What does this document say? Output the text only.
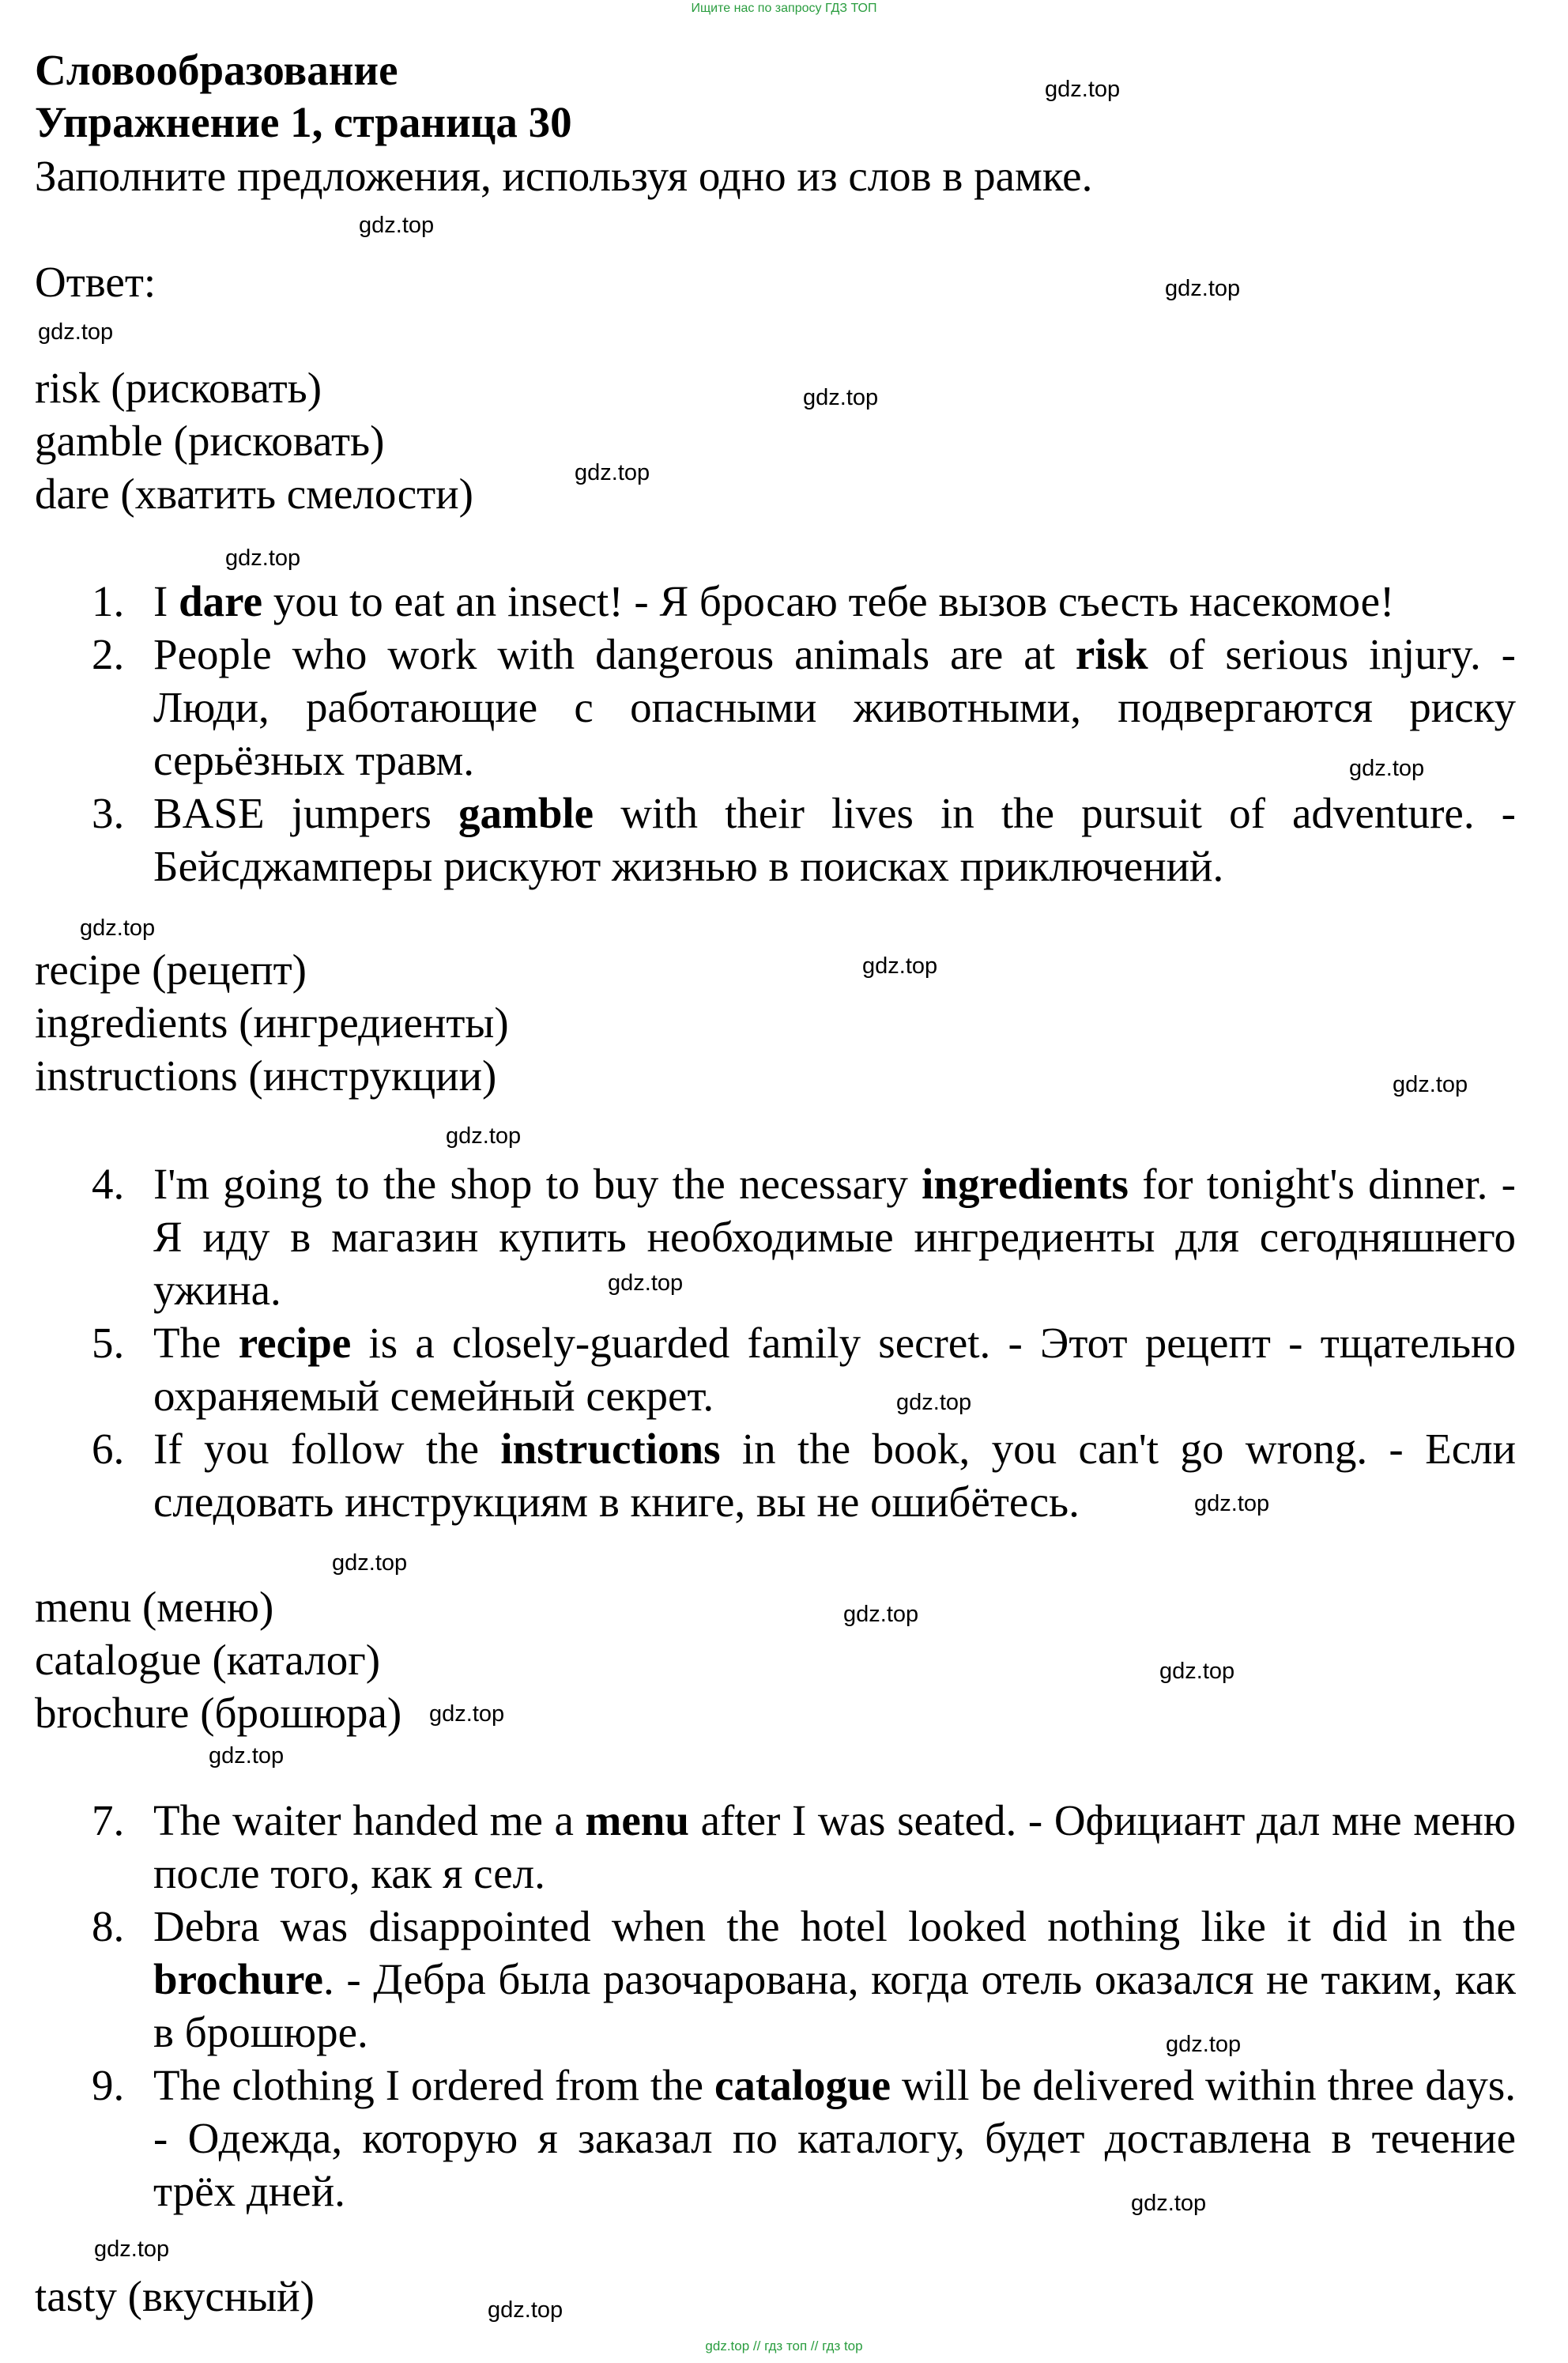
Ищите нас по запросу ГДЗ ТОП
Словообразование
Упражнение 1, страница 30
Заполните предложения, используя одно из слов в рамке.
Ответ:
risk (рисковать)
gamble (рисковать)
dare (хватить смелости)
1. I dare you to eat an insect! - Я бросаю тебе вызов съесть насекомое!
2. People who work with dangerous animals are at risk of serious injury. - Люди, работающие с опасными животными, подвергаются риску серьёзных травм.
3. BASE jumpers gamble with their lives in the pursuit of adventure. - Бейсджамперы рискуют жизнью в поисках приключений.
recipe (рецепт)
ingredients (ингредиенты)
instructions (инструкции)
4. I'm going to the shop to buy the necessary ingredients for tonight's dinner. - Я иду в магазин купить необходимые ингредиенты для сегодняшнего ужина.
5. The recipe is a closely-guarded family secret. - Этот рецепт - тщательно охраняемый семейный секрет.
6. If you follow the instructions in the book, you can't go wrong. - Если следовать инструкциям в книге, вы не ошибётесь.
menu (меню)
catalogue (каталог)
brochure (брошюра)
7. The waiter handed me a menu after I was seated. - Официант дал мне меню после того, как я сел.
8. Debra was disappointed when the hotel looked nothing like it did in the brochure. - Дебра была разочарована, когда отель оказался не таким, как в брошюре.
9. The clothing I ordered from the catalogue will be delivered within three days. - Одежда, которую я заказал по каталогу, будет доставлена в течение трёх дней.
tasty (вкусный)
gdz.top
gdz.top
gdz.top
gdz.top
gdz.top
gdz.top
gdz.top
gdz.top
gdz.top
gdz.top
gdz.top
gdz.top
gdz.top
gdz.top
gdz.top
gdz.top
gdz.top
gdz.top
gdz.top
gdz.top
gdz.top
gdz.top
gdz.top
gdz.top
gdz.top // гдз топ // гдз top
